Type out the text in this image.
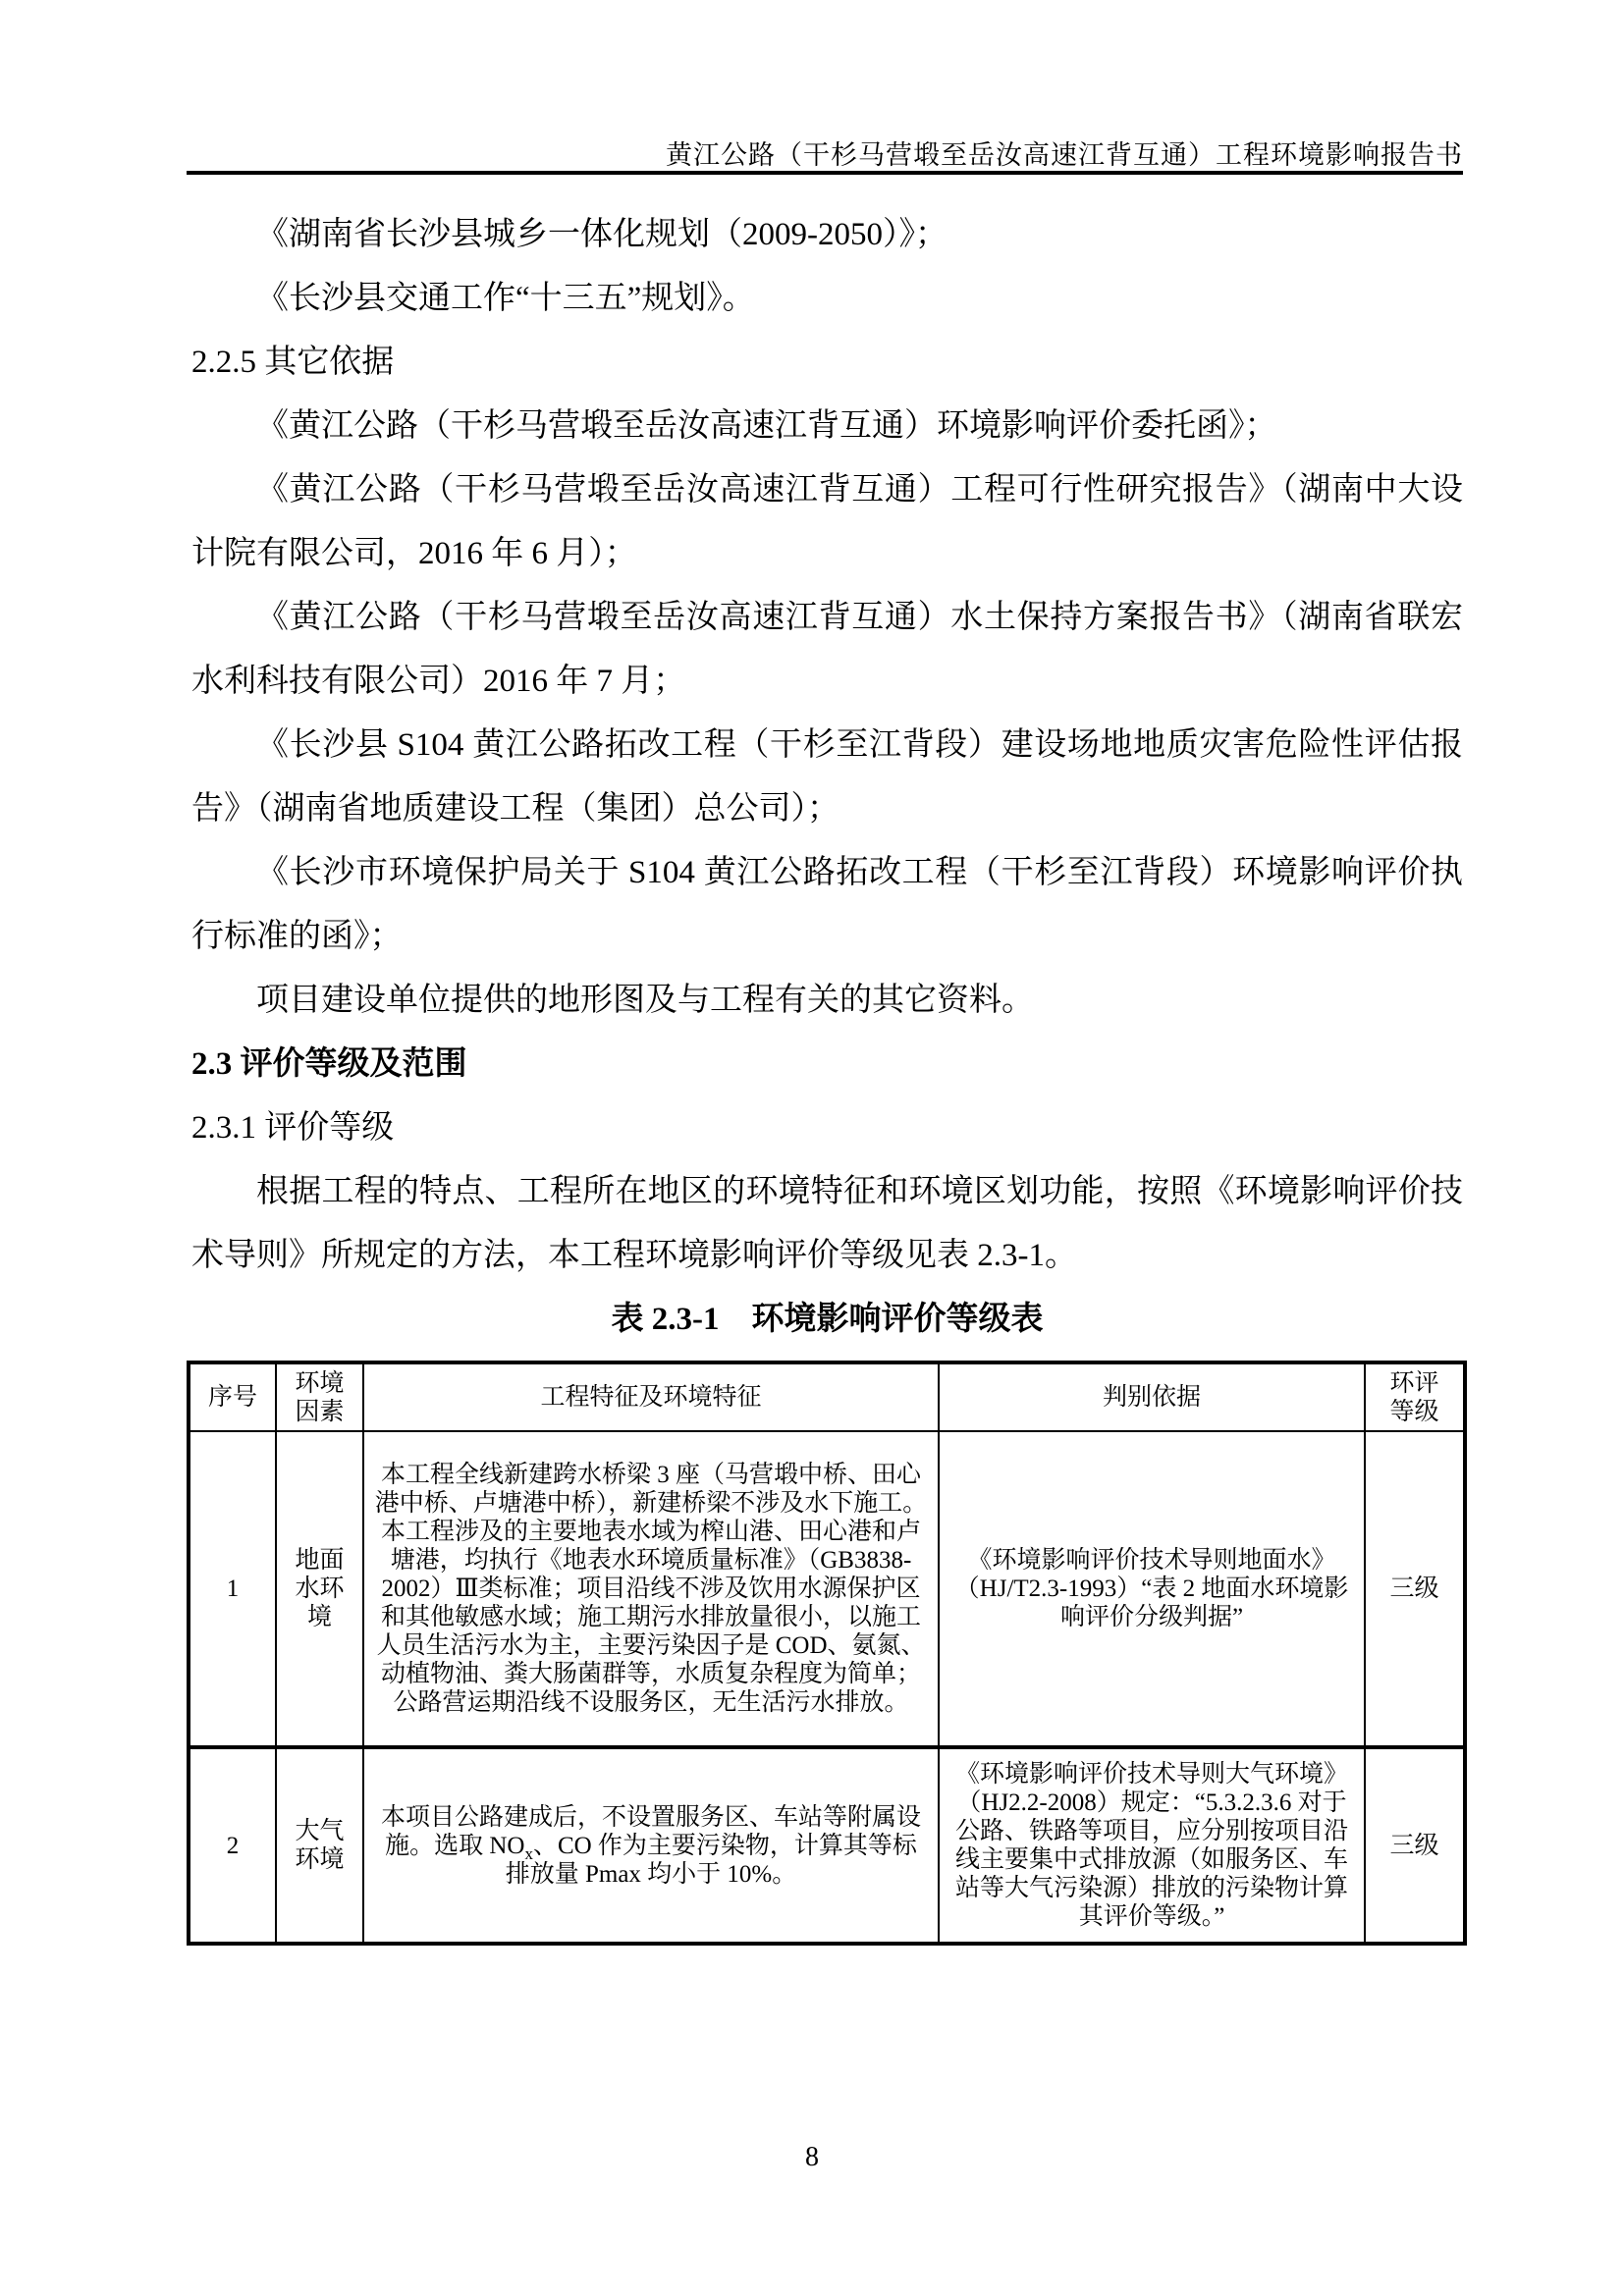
黄江公路（干杉马营塅至岳汝高速江背互通）工程环境影响报告书

《湖南省长沙县城乡一体化规划（2009-2050）》；

《长沙县交通工作“十三五”规划》。

2.2.5 其它依据

《黄江公路（干杉马营塅至岳汝高速江背互通）环境影响评价委托函》；

《黄江公路（干杉马营塅至岳汝高速江背互通）工程可行性研究报告》（湖南中大设计院有限公司，2016 年 6 月）；

《黄江公路（干杉马营塅至岳汝高速江背互通）水土保持方案报告书》（湖南省联宏水利科技有限公司）2016 年 7 月；

《长沙县 S104 黄江公路拓改工程（干杉至江背段）建设场地地质灾害危险性评估报告》（湖南省地质建设工程（集团）总公司）；

《长沙市环境保护局关于 S104 黄江公路拓改工程（干杉至江背段）环境影响评价执行标准的函》；

项目建设单位提供的地形图及与工程有关的其它资料。

2.3 评价等级及范围

2.3.1 评价等级

根据工程的特点、工程所在地区的环境特征和环境区划功能，按照《环境影响评价技术导则》所规定的方法，本工程环境影响评价等级见表 2.3-1。

表 2.3-1　环境影响评价等级表

序号	环境因素	工程特征及环境特征	判别依据	环评等级
1	地面水环境	本工程全线新建跨水桥梁 3 座（马营塅中桥、田心港中桥、卢塘港中桥），新建桥梁不涉及水下施工。本工程涉及的主要地表水域为榨山港、田心港和卢塘港，均执行《地表水环境质量标准》（GB3838-2002）Ⅲ类标准；项目沿线不涉及饮用水源保护区和其他敏感水域；施工期污水排放量很小，以施工人员生活污水为主，主要污染因子是 COD、氨氮、动植物油、粪大肠菌群等，水质复杂程度为简单；公路营运期沿线不设服务区，无生活污水排放。	《环境影响评价技术导则地面水》（HJ/T2.3-1993）“表 2 地面水环境影响评价分级判据”	三级
2	大气环境	本项目公路建成后，不设置服务区、车站等附属设施。选取 $NO_x$、CO 作为主要污染物，计算其等标排放量 Pmax 均小于 10%。	《环境影响评价技术导则大气环境》（HJ2.2-2008）规定：“5.3.2.3.6 对于公路、铁路等项目，应分别按项目沿线主要集中式排放源（如服务区、车站等大气污染源）排放的污染物计算其评价等级。”	三级
8
